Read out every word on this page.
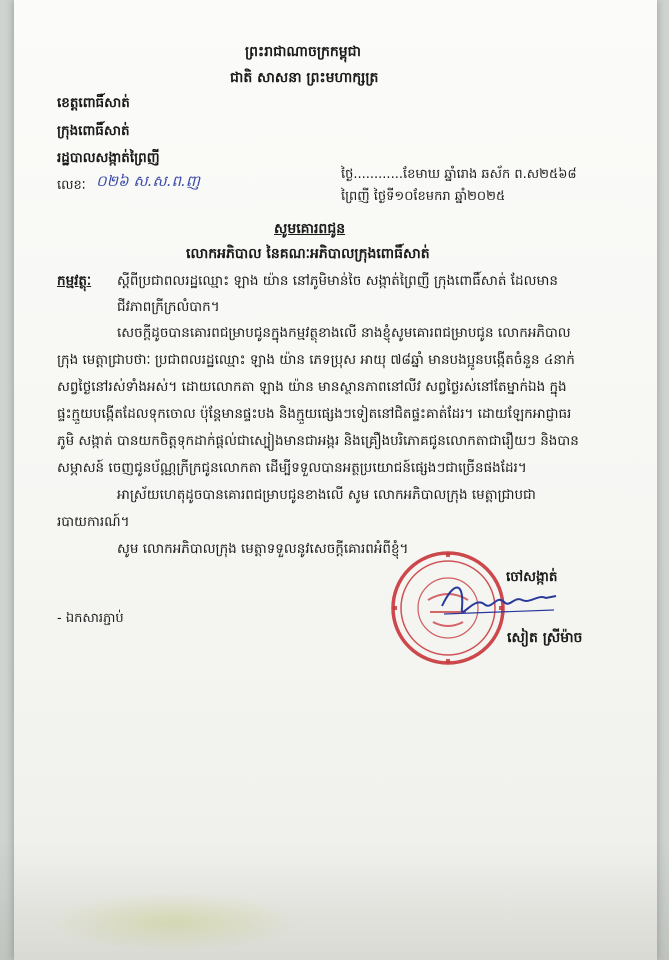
ព្រះរាជាណាចក្រកម្ពុជា
ជាតិ សាសនា ព្រះមហាក្សត្រ
ខេត្តពោធិ៍សាត់
ក្រុងពោធិ៍សាត់
រដ្ឋបាលសង្កាត់ព្រៃញី
លេខៈ ០២៦ ស.ស.ព.ញ	ថ្ងៃ............ខែមាឃ ឆ្នាំរោង ឆស័ក ព.ស២៥៦៨
ព្រៃញី ថ្ងៃទី១០ខែមករា ឆ្នាំ២០២៥
សូមគោរពជូន
លោកអភិបាល នៃគណៈអភិបាលក្រុងពោធិ៍សាត់
កម្មវត្ថុៈ ស្តីពីប្រជាពលរដ្ឋឈ្មោះ ឡាង យ៉ាន នៅភូមិមាន់ចៃ សង្កាត់ព្រៃញី ក្រុងពោធិ៍សាត់ ដែលមាន
ជីវភាពក្រីក្រលំបាក។
សេចក្តីដូចបានគោរពជម្រាបជូនក្នុងកម្មវត្ថុខាងលើ នាងខ្ញុំសូមគោរពជម្រាបជូន លោកអភិបាល
ក្រុង មេត្តាជ្រាបថាៈ ប្រជាពលរដ្ឋឈ្មោះ ឡាង យ៉ាន ភេទប្រុស អាយុ ៧៨ឆ្នាំ មានបងប្អូនបង្កើតចំនួន ៤នាក់
សព្វថ្ងៃនៅរស់ទាំងអស់។ ដោយលោកតា ឡាង យ៉ាន មានស្ថានភាពនៅលីវ សព្វថ្ងៃរស់នៅតែម្នាក់ឯង ក្នុង
ផ្ទះក្មួយបង្កើតដែលទុកចោល ប៉ុន្តែមានផ្ទះបង និងក្មួយផ្សេងៗទៀតនៅជិតផ្ទះគាត់ដែរ។ ដោយឡែកអាជ្ញាធរ
ភូមិ សង្កាត់ បានយកចិត្តទុកដាក់ផ្តល់ជាស្បៀងមានជាអង្ករ និងគ្រឿងបរិភោគជូនលោកតាជារឿយៗ និងបាន
សម្ភាសន៍ ចេញជូនប័ណ្ណក្រីក្រជូនលោកតា ដើម្បីទទួលបានអត្ថប្រយោជន៍ផ្សេងៗជាច្រើនផងដែរ។
អាស្រ័យហេតុដូចបានគោរពជម្រាបជូនខាងលើ សូម លោកអភិបាលក្រុង មេត្តាជ្រាបជា
របាយការណ៍។
សូម លោកអភិបាលក្រុង មេត្តាទទួលនូវសេចក្តីគោរពអំពីខ្ញុំ។
ចៅសង្កាត់
សៀត ស្រីម៉ាច
- ឯកសារភ្ជាប់
